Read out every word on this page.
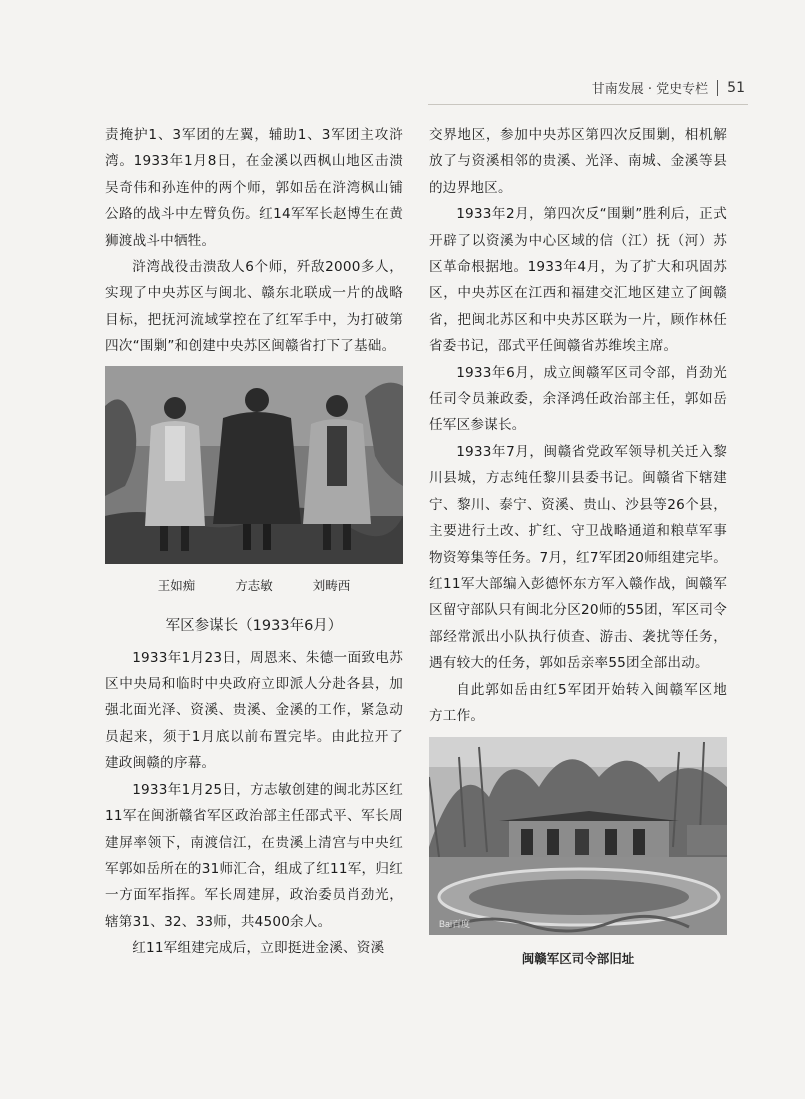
甘南发展 · 党史专栏 51

责掩护1、3军团的左翼，辅助1、3军团主攻浒湾。1933年1月8日，在金溪以西枫山地区击溃吴奇伟和孙连仲的两个师，郭如岳在浒湾枫山铺公路的战斗中左臂负伤。红14军军长赵博生在黄狮渡战斗中牺牲。

浒湾战役击溃敌人6个师，歼敌2000多人，实现了中央苏区与闽北、赣东北联成一片的战略目标，把抚河流域掌控在了红军手中，为打破第四次“围剿”和创建中央苏区闽赣省打下了基础。

王如痴	方志敏	刘畴西
军区参谋长（1933年6月）

1933年1月23日，周恩来、朱德一面致电苏区中央局和临时中央政府立即派人分赴各县，加强北面光泽、资溪、贵溪、金溪的工作，紧急动员起来，须于1月底以前布置完毕。由此拉开了建政闽赣的序幕。

1933年1月25日，方志敏创建的闽北苏区红11军在闽浙赣省军区政治部主任邵式平、军长周建屏率领下，南渡信江，在贵溪上清宫与中央红军郭如岳所在的31师汇合，组成了红11军，归红一方面军指挥。军长周建屏，政治委员肖劲光，辖第31、32、33师，共4500余人。

红11军组建完成后，立即挺进金溪、资溪

交界地区，参加中央苏区第四次反围剿，相机解放了与资溪相邻的贵溪、光泽、南城、金溪等县的边界地区。

1933年2月，第四次反“围剿”胜利后，正式开辟了以资溪为中心区域的信（江）抚（河）苏区革命根据地。1933年4月，为了扩大和巩固苏区，中央苏区在江西和福建交汇地区建立了闽赣省，把闽北苏区和中央苏区联为一片，顾作林任省委书记，邵式平任闽赣省苏维埃主席。

1933年6月，成立闽赣军区司令部，肖劲光任司令员兼政委，余泽鸿任政治部主任，郭如岳任军区参谋长。

1933年7月，闽赣省党政军领导机关迁入黎川县城，方志纯任黎川县委书记。闽赣省下辖建宁、黎川、泰宁、资溪、贵山、沙县等26个县，主要进行土改、扩红、守卫战略通道和粮草军事物资筹集等任务。7月，红7军团20师组建完毕。红11军大部编入彭德怀东方军入赣作战，闽赣军区留守部队只有闽北分区20师的55团，军区司令部经常派出小队执行侦查、游击、袭扰等任务，遇有较大的任务，郭如岳亲率55团全部出动。

自此郭如岳由红5军团开始转入闽赣军区地方工作。

Bai百度
闽赣军区司令部旧址
